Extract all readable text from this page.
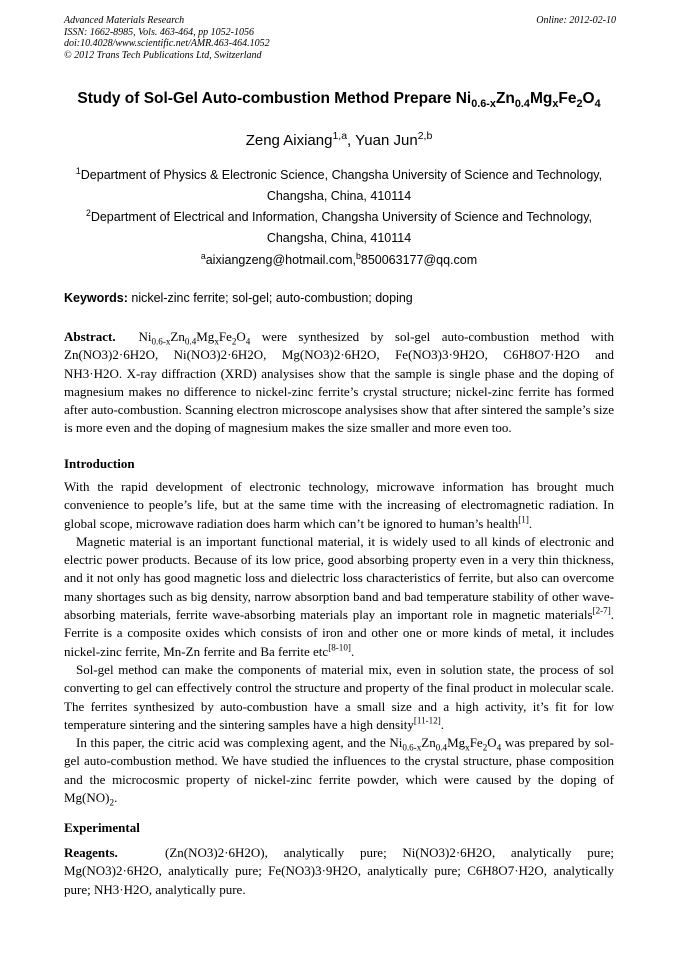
Advanced Materials Research
ISSN: 1662-8985, Vols. 463-464, pp 1052-1056
doi:10.4028/www.scientific.net/AMR.463-464.1052
© 2012 Trans Tech Publications Ltd, Switzerland
Online: 2012-02-10
Study of Sol-Gel Auto-combustion Method Prepare $Ni_{0.6-x}Zn_{0.4}Mg_xFe_2O_4$
Zeng Aixiang$^{1,a}$, Yuan Jun$^{2,b}$
$^1$Department of Physics & Electronic Science, Changsha University of Science and Technology,
Changsha, China, 410114
$^2$Department of Electrical and Information, Changsha University of Science and Technology,
Changsha, China, 410114
$^a$aixiangzeng@hotmail.com,$^b$850063177@qq.com
Keywords: nickel-zinc ferrite; sol-gel; auto-combustion; doping
Abstract.  $Ni_{0.6-x}Zn_{0.4}Mg_xFe_2O_4$ were synthesized by sol-gel auto-combustion method with Zn(NO3)2·6H2O, Ni(NO3)2·6H2O, Mg(NO3)2·6H2O, Fe(NO3)3·9H2O, C6H8O7·H2O and NH3·H2O. X-ray diffraction (XRD) analysises show that the sample is single phase and the doping of magnesium makes no difference to nickel-zinc ferrite’s crystal structure; nickel-zinc ferrite has formed after auto-combustion. Scanning electron microscope analysises show that after sintered the sample’s size is more even and the doping of magnesium makes the size smaller and more even too.
Introduction
With the rapid development of electronic technology, microwave information has brought much convenience to people’s life, but at the same time with the increasing of electromagnetic radiation. In global scope, microwave radiation does harm which can’t be ignored to human’s health[1].
Magnetic material is an important functional material, it is widely used to all kinds of electronic and electric power products. Because of its low price, good absorbing property even in a very thin thickness, and it not only has good magnetic loss and dielectric loss characteristics of ferrite, but also can overcome many shortages such as big density, narrow absorption band and bad temperature stability of other wave-absorbing materials, ferrite wave-absorbing materials play an important role in magnetic materials[2-7]. Ferrite is a composite oxides which consists of iron and other one or more kinds of metal, it includes nickel-zinc ferrite, Mn-Zn ferrite and Ba ferrite etc[8-10].
Sol-gel method can make the components of material mix, even in solution state, the process of sol converting to gel can effectively control the structure and property of the final product in molecular scale. The ferrites synthesized by auto-combustion have a small size and a high activity, it’s fit for low temperature sintering and the sintering samples have a high density[11-12].
In this paper, the citric acid was complexing agent, and the $Ni_{0.6-x}Zn_{0.4}Mg_xFe_2O_4$ was prepared by sol-gel auto-combustion method. We have studied the influences to the crystal structure, phase composition and the microcosmic property of nickel-zinc ferrite powder, which were caused by the doping of $Mg(NO)_2$.
Experimental
Reagents.	(Zn(NO3)2·6H2O), analytically pure; Ni(NO3)2·6H2O, analytically pure; Mg(NO3)2·6H2O, analytically pure; Fe(NO3)3·9H2O, analytically pure; C6H8O7·H2O, analytically pure; NH3·H2O, analytically pure.
